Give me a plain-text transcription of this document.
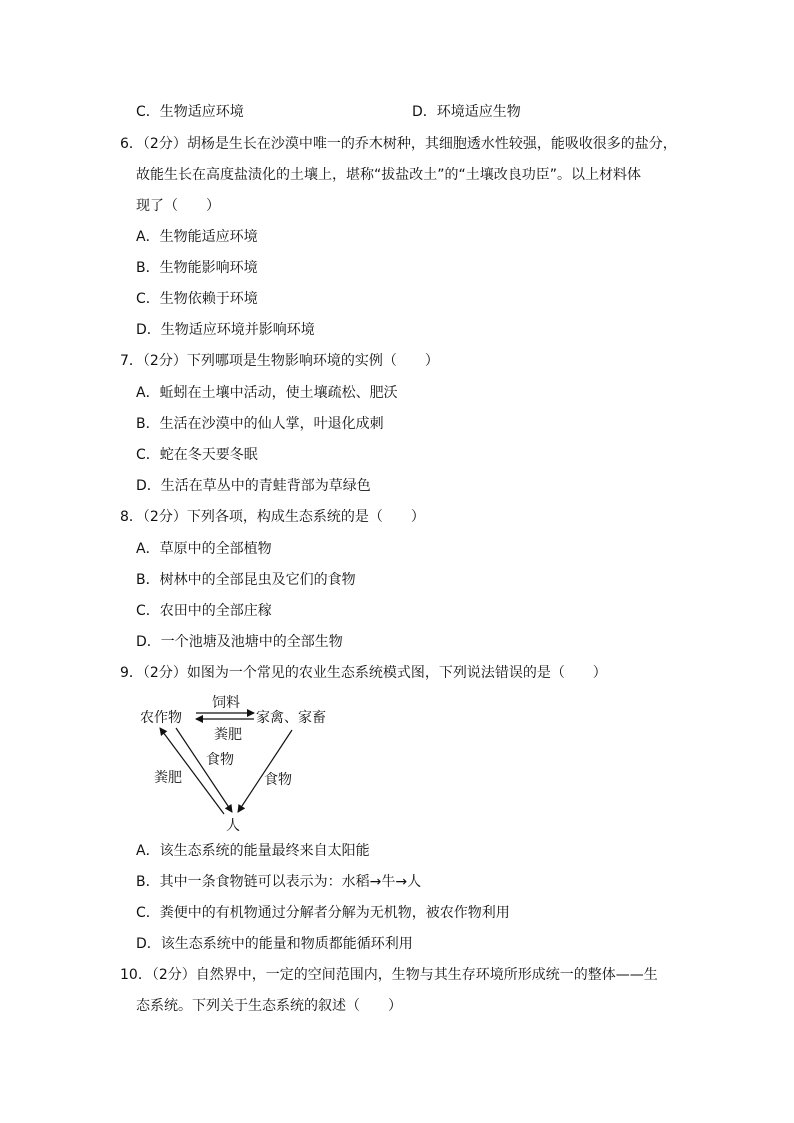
C．生物适应环境	D．环境适应生物
6．（2分）胡杨是生长在沙漠中唯一的乔木树种，其细胞透水性较强，能吸收很多的盐分，
故能生长在高度盐渍化的土壤上，堪称“拔盐改土”的“土壤改良功臣”。以上材料体
现了（　　）
A．生物能适应环境
B．生物能影响环境
C．生物依赖于环境
D．生物适应环境并影响环境
7．（2分）下列哪项是生物影响环境的实例（　　）
A．蚯蚓在土壤中活动，使土壤疏松、肥沃
B．生活在沙漠中的仙人掌，叶退化成刺
C．蛇在冬天要冬眠
D．生活在草丛中的青蛙背部为草绿色
8．（2分）下列各项，构成生态系统的是（　　）
A．草原中的全部植物
B．树林中的全部昆虫及它们的食物
C．农田中的全部庄稼
D．一个池塘及池塘中的全部生物
9．（2分）如图为一个常见的农业生态系统模式图，下列说法错误的是（　　）
农作物	家禽、家畜
人
饲料
粪肥
粪肥
食物
食物
A．该生态系统的能量最终来自太阳能
B．其中一条食物链可以表示为：水稻→牛→人
C．粪便中的有机物通过分解者分解为无机物，被农作物利用
D．该生态系统中的能量和物质都能循环利用
10．（2分）自然界中，一定的空间范围内，生物与其生存环境所形成统一的整体——生
态系统。下列关于生态系统的叙述（　　）
